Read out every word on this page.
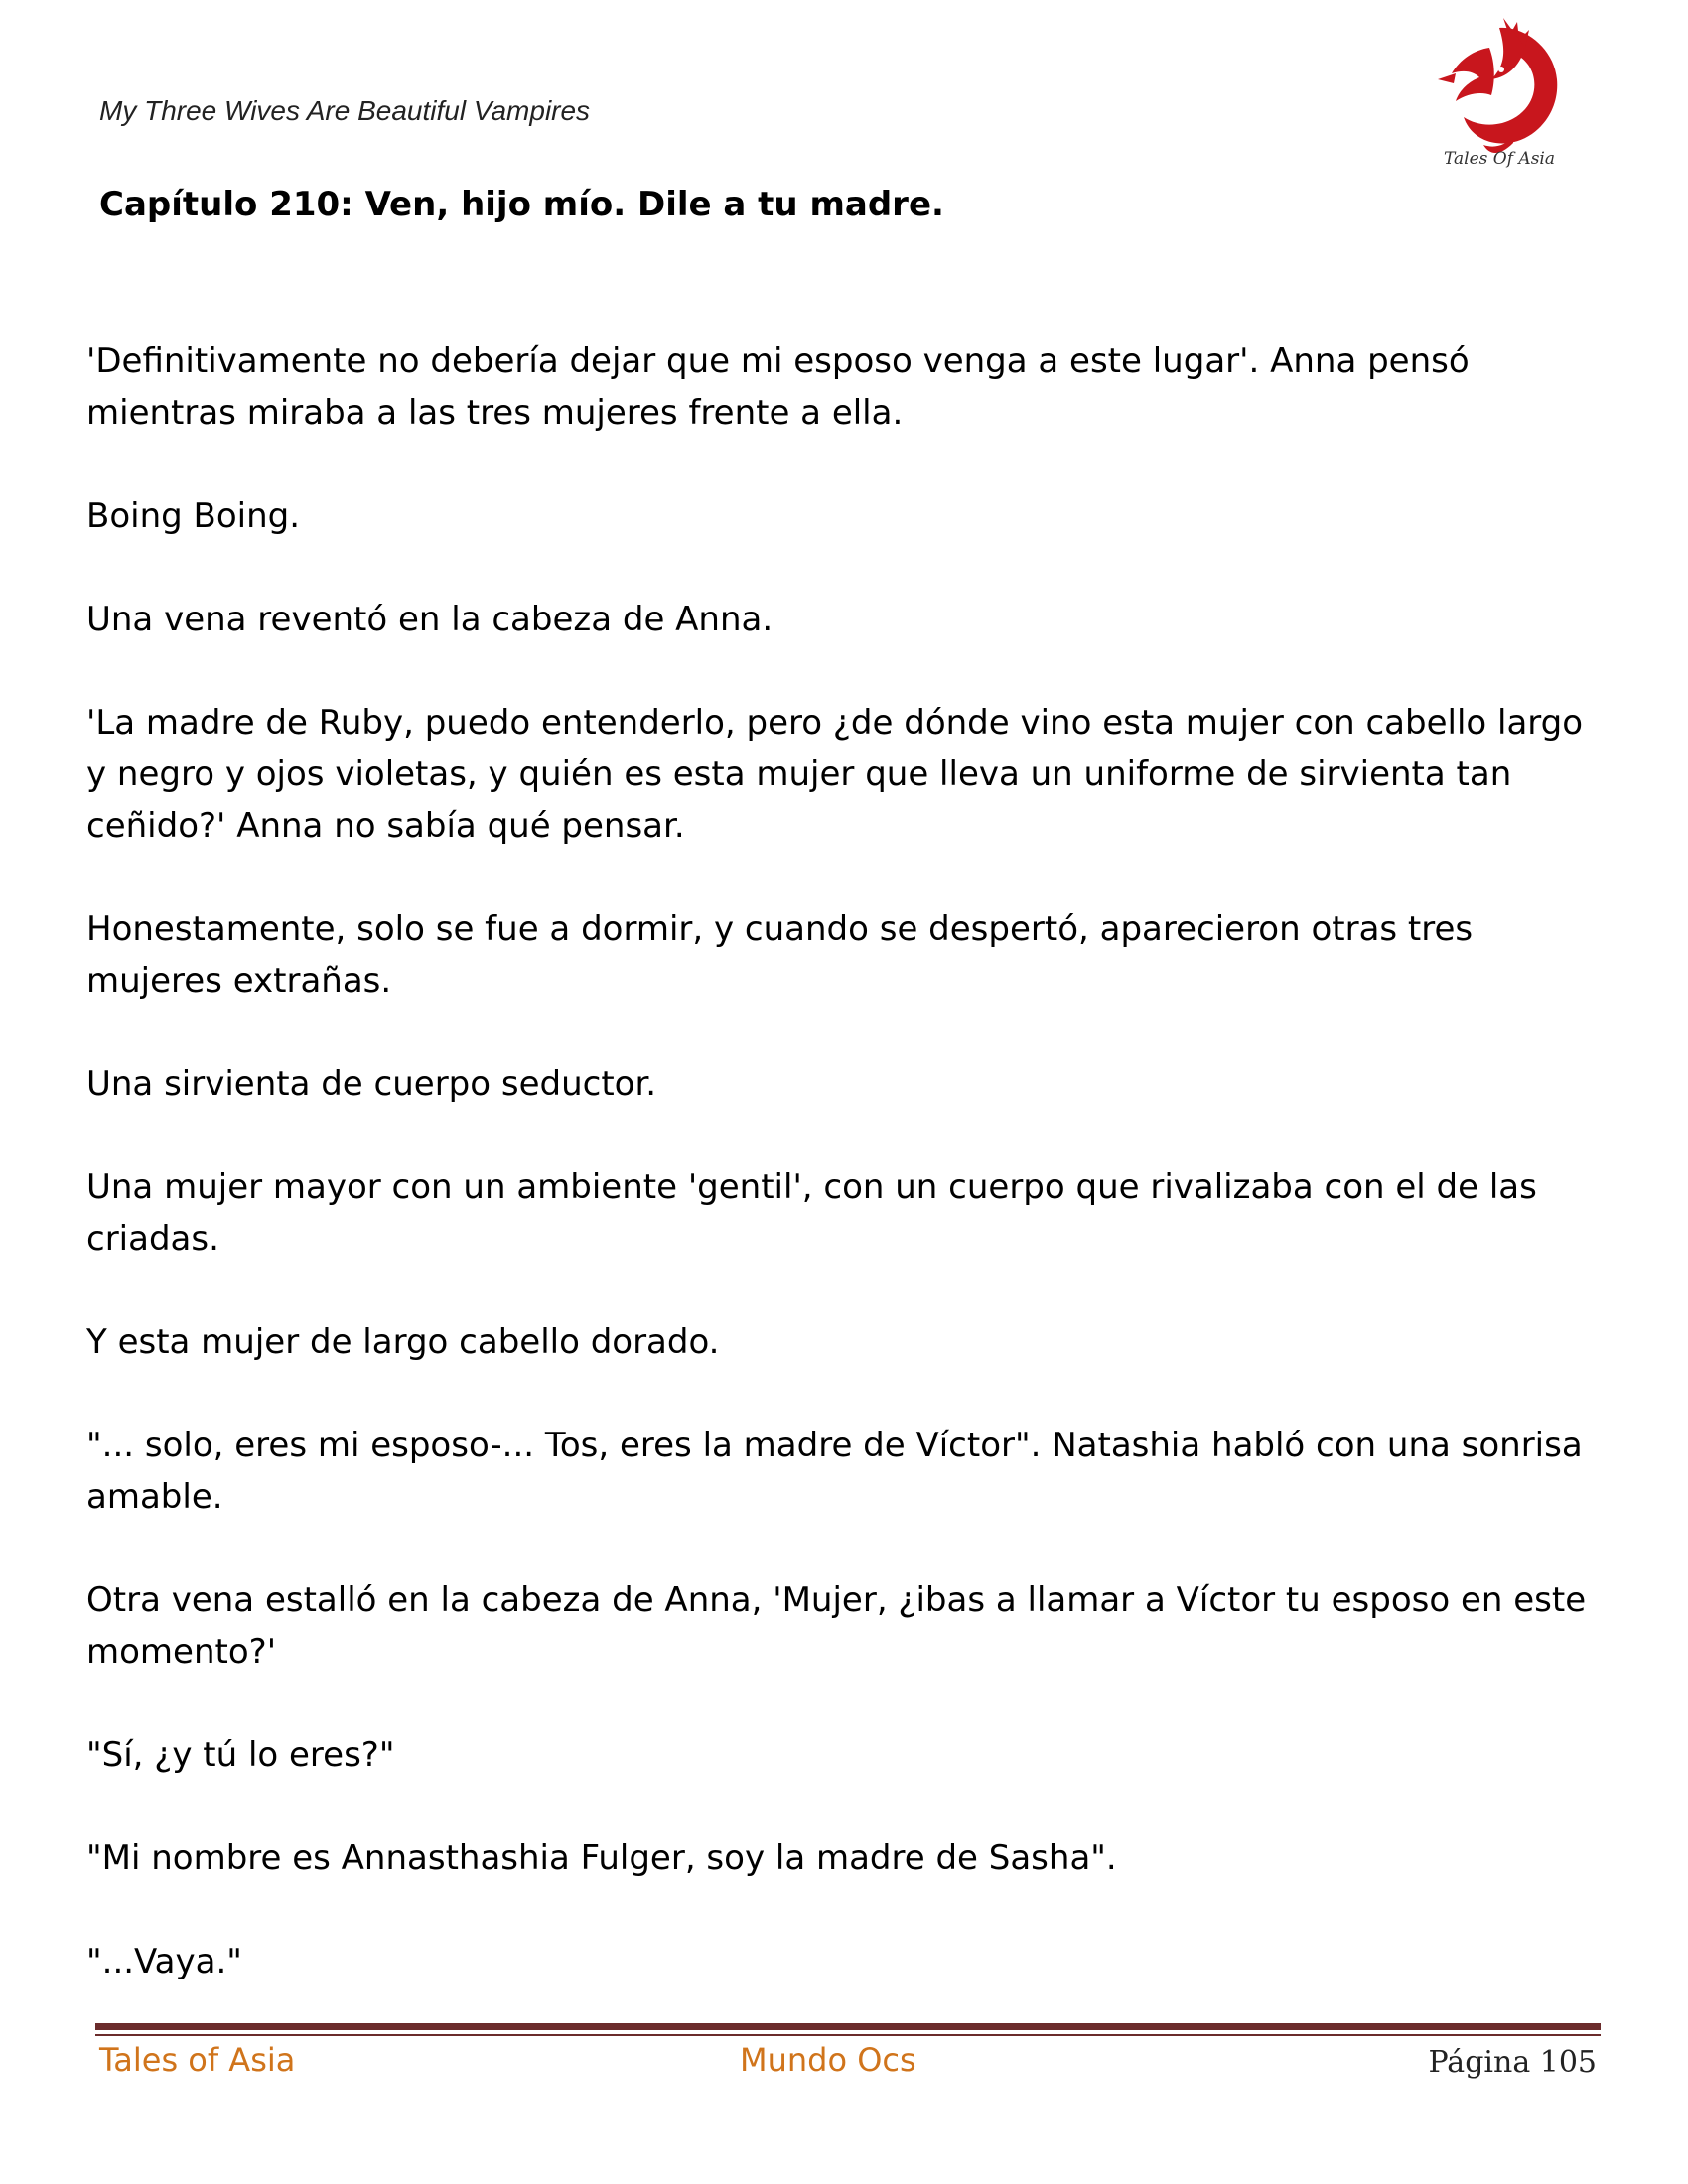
My Three Wives Are Beautiful Vampires
Tales Of Asia
Capítulo 210: Ven, hijo mío. Dile a tu madre.

'Definitivamente no debería dejar que mi esposo venga a este lugar'. Anna pensó mientras miraba a las tres mujeres frente a ella.

Boing Boing.

Una vena reventó en la cabeza de Anna.

'La madre de Ruby, puedo entenderlo, pero ¿de dónde vino esta mujer con cabello largo y negro y ojos violetas, y quién es esta mujer que lleva un uniforme de sirvienta tan ceñido?' Anna no sabía qué pensar.

Honestamente, solo se fue a dormir, y cuando se despertó, aparecieron otras tres mujeres extrañas.

Una sirvienta de cuerpo seductor.

Una mujer mayor con un ambiente 'gentil', con un cuerpo que rivalizaba con el de las criadas.

Y esta mujer de largo cabello dorado.

"... solo, eres mi esposo-... Tos, eres la madre de Víctor". Natashia habló con una sonrisa amable.

Otra vena estalló en la cabeza de Anna, 'Mujer, ¿ibas a llamar a Víctor tu esposo en este momento?'

"Sí, ¿y tú lo eres?"

"Mi nombre es Annasthashia Fulger, soy la madre de Sasha".

"...Vaya."

Tales of Asia	Mundo Ocs	Página 105
